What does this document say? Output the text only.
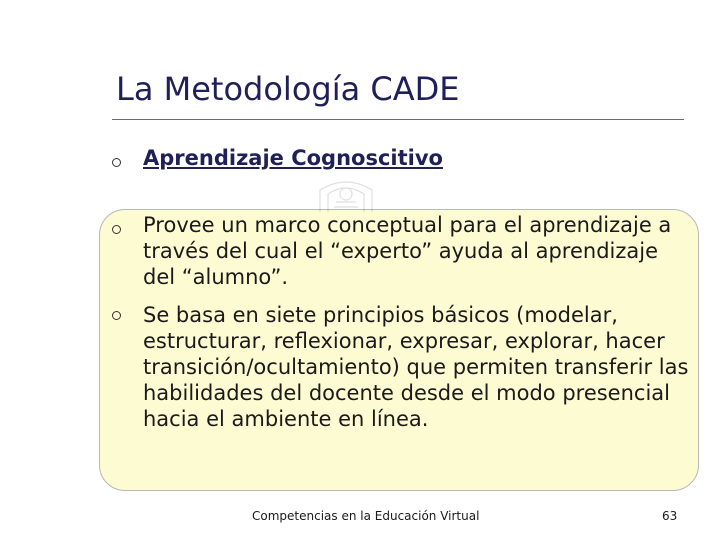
La Metodología CADE
Aprendizaje Cognoscitivo
Provee un marco conceptual para el aprendizaje a través del cual el “experto” ayuda al aprendizaje del “alumno”.
Se basa en siete principios básicos (modelar, estructurar, reflexionar, expresar, explorar, hacer transición/ocultamiento) que permiten transferir las habilidades del docente desde el modo presencial hacia el ambiente en línea.
Competencias en la Educación Virtual	63
